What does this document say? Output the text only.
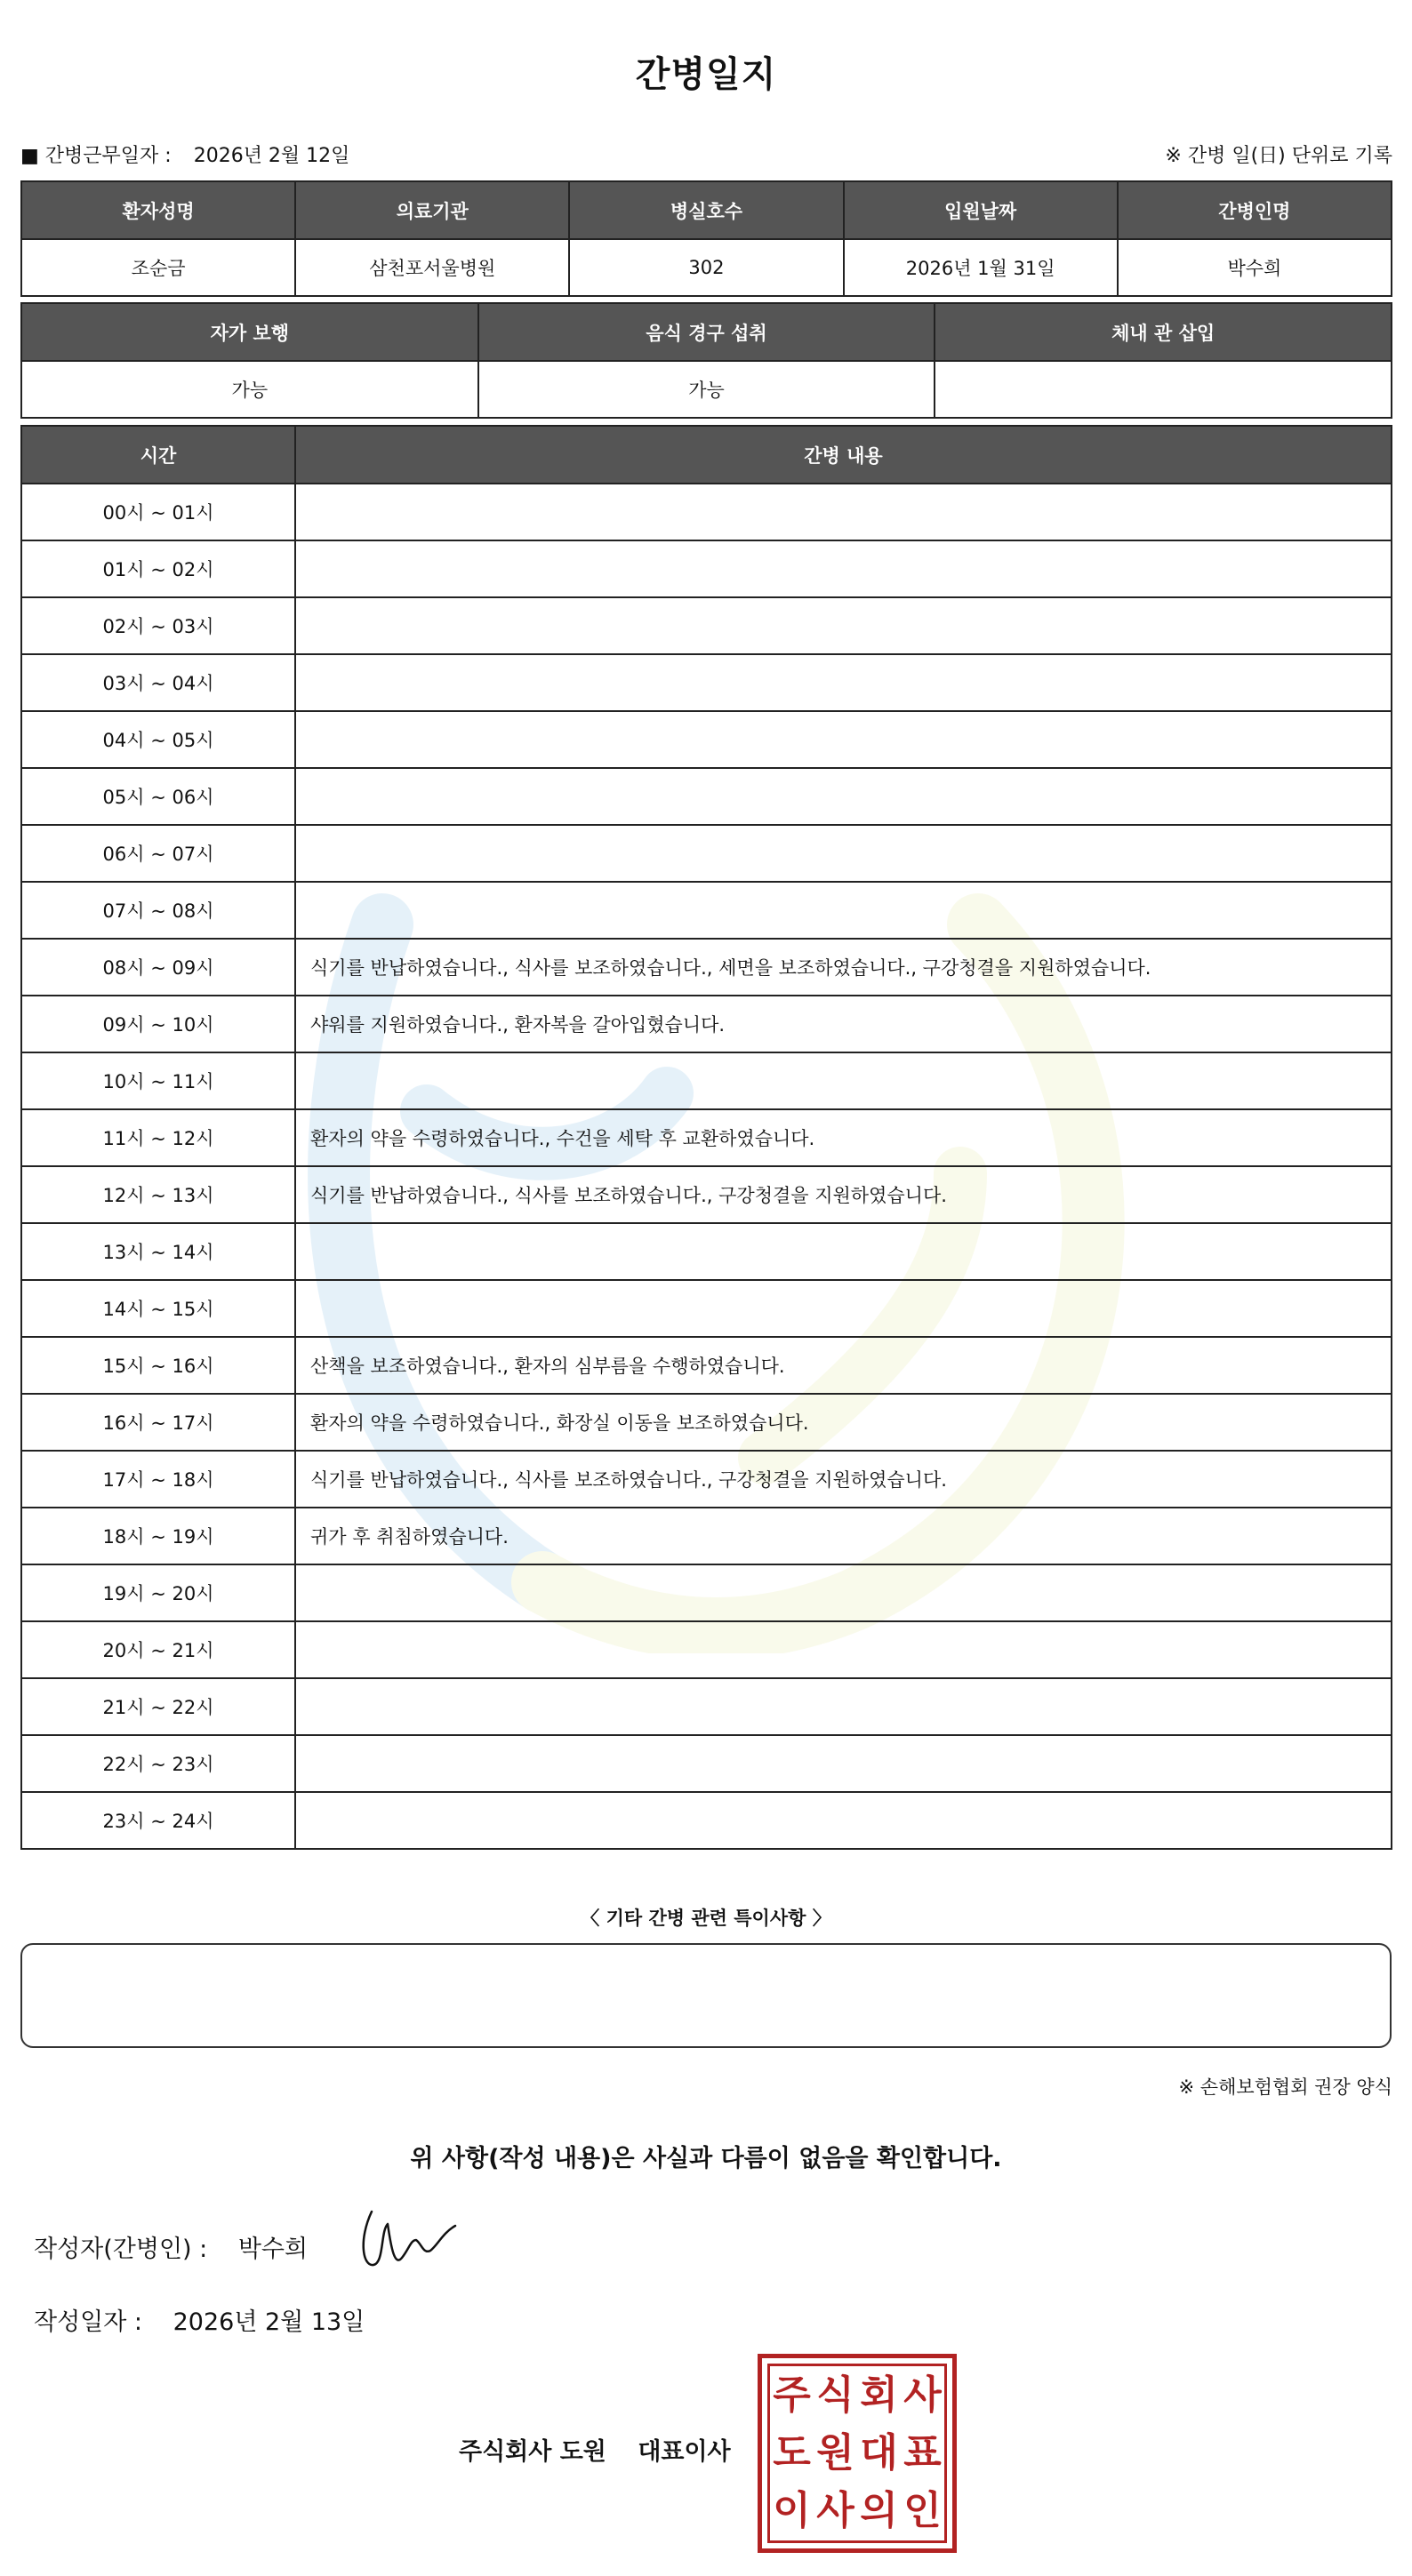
간병일지
■ 간병근무일자 : 2026년 2월 12일	※ 간병 일(日) 단위로 기록
환자성명	의료기관	병실호수	입원날짜	간병인명
조순금	삼천포서울병원	302	2026년 1월 31일	박수희
자가 보행	음식 경구 섭취	체내 관 삽입
가능	가능	
시간	간병 내용
00시 ~ 01시	
01시 ~ 02시	
02시 ~ 03시	
03시 ~ 04시	
04시 ~ 05시	
05시 ~ 06시	
06시 ~ 07시	
07시 ~ 08시	
08시 ~ 09시	식기를 반납하였습니다., 식사를 보조하였습니다., 세면을 보조하였습니다., 구강청결을 지원하였습니다.
09시 ~ 10시	샤워를 지원하였습니다., 환자복을 갈아입혔습니다.
10시 ~ 11시	
11시 ~ 12시	환자의 약을 수령하였습니다., 수건을 세탁 후 교환하였습니다.
12시 ~ 13시	식기를 반납하였습니다., 식사를 보조하였습니다., 구강청결을 지원하였습니다.
13시 ~ 14시	
14시 ~ 15시	
15시 ~ 16시	산책을 보조하였습니다., 환자의 심부름을 수행하였습니다.
16시 ~ 17시	환자의 약을 수령하였습니다., 화장실 이동을 보조하였습니다.
17시 ~ 18시	식기를 반납하였습니다., 식사를 보조하였습니다., 구강청결을 지원하였습니다.
18시 ~ 19시	귀가 후 취침하였습니다.
19시 ~ 20시	
20시 ~ 21시	
21시 ~ 22시	
22시 ~ 23시	
23시 ~ 24시	
〈 기타 간병 관련 특이사항 〉
※ 손해보험협회 권장 양식
위 사항(작성 내용)은 사실과 다름이 없음을 확인합니다.
작성자(간병인) : 박수희
작성일자 : 2026년 2월 13일
주식회사 도원 대표이사
주 식 회 사
도 원 대 표
이 사 의 인
